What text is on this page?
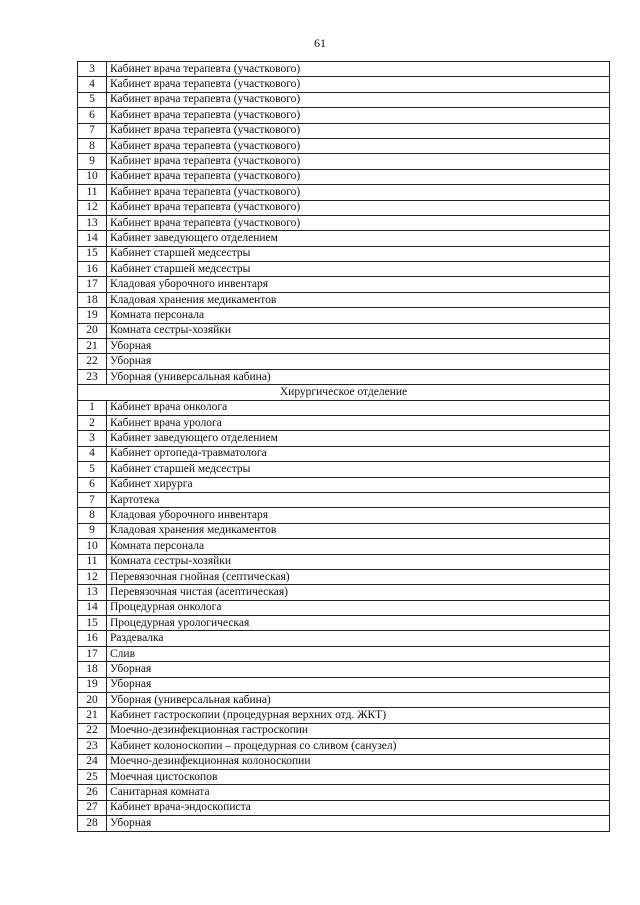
61
3	Кабинет врача терапевта (участкового)
4	Кабинет врача терапевта (участкового)
5	Кабинет врача терапевта (участкового)
6	Кабинет врача терапевта (участкового)
7	Кабинет врача терапевта (участкового)
8	Кабинет врача терапевта (участкового)
9	Кабинет врача терапевта (участкового)
10	Кабинет врача терапевта (участкового)
11	Кабинет врача терапевта (участкового)
12	Кабинет врача терапевта (участкового)
13	Кабинет врача терапевта (участкового)
14	Кабинет заведующего отделением
15	Кабинет старшей медсестры
16	Кабинет старшей медсестры
17	Кладовая уборочного инвентаря
18	Кладовая хранения медикаментов
19	Комната персонала
20	Комната сестры-хозяйки
21	Уборная
22	Уборная
23	Уборная (универсальная кабина)
Хирургическое отделение	
1	Кабинет врача онколога
2	Кабинет врача уролога
3	Кабинет заведующего отделением
4	Кабинет ортопеда-травматолога
5	Кабинет старшей медсестры
6	Кабинет хирурга
7	Картотека
8	Кладовая уборочного инвентаря
9	Кладовая хранения медикаментов
10	Комната персонала
11	Комната сестры-хозяйки
12	Перевязочная гнойная (септическая)
13	Перевязочная чистая (асептическая)
14	Процедурная онколога
15	Процедурная урологическая
16	Раздевалка
17	Слив
18	Уборная
19	Уборная
20	Уборная (универсальная кабина)
21	Кабинет гастроскопии (процедурная верхних отд. ЖКТ)
22	Моечно-дезинфекционная гастроскопии
23	Кабинет колоноскопии – процедурная со сливом (санузел)
24	Моечно-дезинфекционная колоноскопии
25	Моечная цистоскопов
26	Санитарная комната
27	Кабинет врача-эндоскописта
28	Уборная
